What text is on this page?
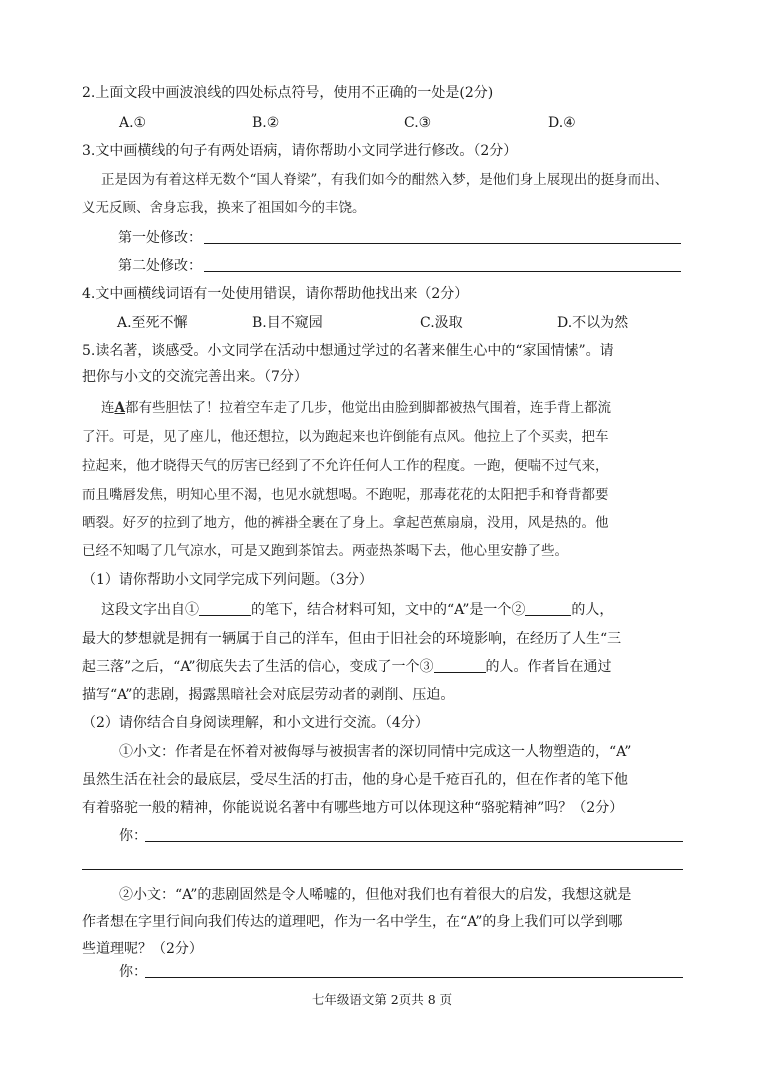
2.上面文段中画波浪线的四处标点符号，使用不正确的一处是(2分)
A.①	B.②	C.③	D.④
3.文中画横线的句子有两处语病，请你帮助小文同学进行修改。（2分）
正是因为有着这样无数个“国人脊梁”，有我们如今的酣然入梦，是他们身上展现出的挺身而出、
义无反顾、舍身忘我，换来了祖国如今的丰饶。
第一处修改：
第二处修改：
4.文中画横线词语有一处使用错误，请你帮助他找出来（2分）
A.至死不懈	B.目不窥园	C.汲取	D.不以为然
5.读名著，谈感受。小文同学在活动中想通过学过的名著来催生心中的“家国情愫”。请
把你与小文的交流完善出来。（7分）
连A都有些胆怯了！拉着空车走了几步，他觉出由脸到脚都被热气围着，连手背上都流
了汗。可是，见了座儿，他还想拉，以为跑起来也许倒能有点风。他拉上了个买卖，把车
拉起来，他才晓得天气的厉害已经到了不允许任何人工作的程度。一跑，便喘不过气来，
而且嘴唇发焦，明知心里不渴，也见水就想喝。不跑呢，那毒花花的太阳把手和脊背都要
晒裂。好歹的拉到了地方，他的裤褂全裹在了身上。拿起芭蕉扇扇，没用，风是热的。他
已经不知喝了几气凉水，可是又跑到茶馆去。两壶热茶喝下去，他心里安静了些。
（1）请你帮助小文同学完成下列问题。（3分）
这段文字出自①	的笔下，结合材料可知，文中的“A”是一个②	的人，
最大的梦想就是拥有一辆属于自己的洋车，但由于旧社会的环境影响，在经历了人生“三
起三落”之后，“A”彻底失去了生活的信心，变成了一个③	的人。作者旨在通过
描写“A”的悲剧，揭露黑暗社会对底层劳动者的剥削、压迫。
（2）请你结合自身阅读理解，和小文进行交流。（4分）
①小文：作者是在怀着对被侮辱与被损害者的深切同情中完成这一人物塑造的，“A”
虽然生活在社会的最底层，受尽生活的打击，他的身心是千疮百孔的，但在作者的笔下他
有着骆驼一般的精神，你能说说名著中有哪些地方可以体现这种“骆驼精神”吗？（2分）
你：
②小文：“A”的悲剧固然是令人唏嘘的，但他对我们也有着很大的启发，我想这就是
作者想在字里行间向我们传达的道理吧，作为一名中学生，在“A”的身上我们可以学到哪
些道理呢？（2分）
你：
七年级语文第 2页共 8 页
